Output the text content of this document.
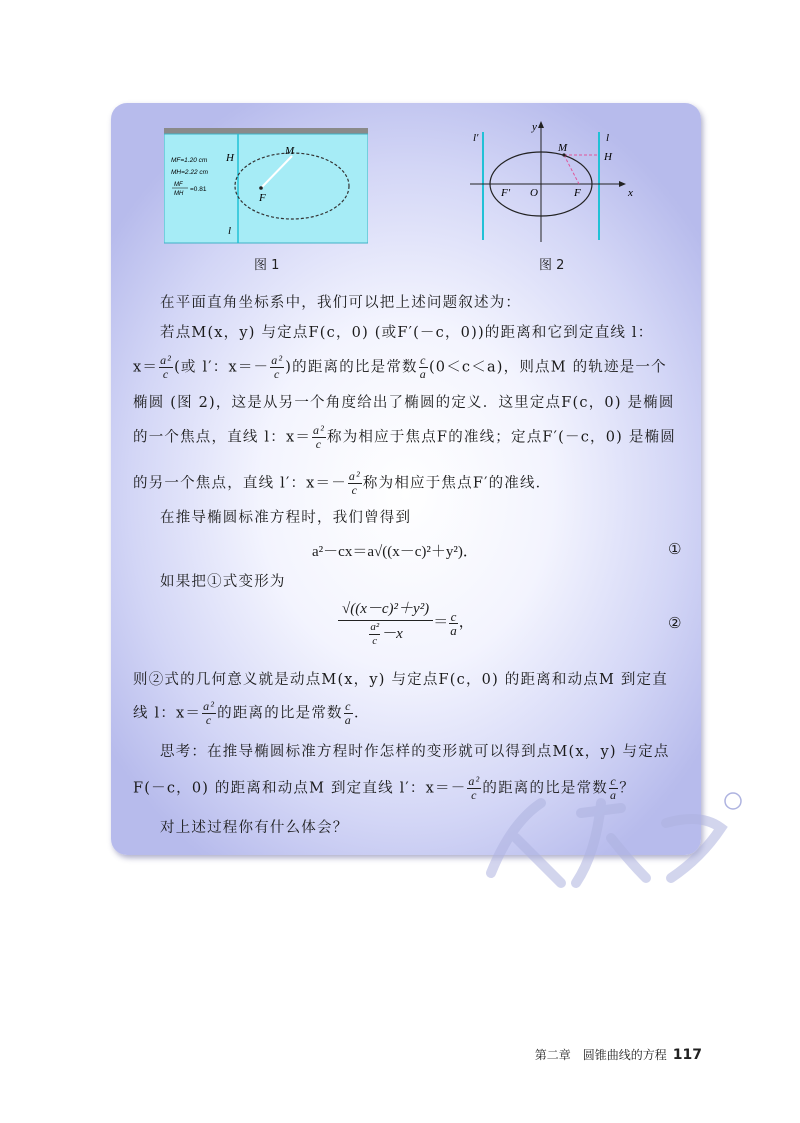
MF=1.20 cm
MH=2.22 cm
MF
MH
=0.81
H
M
F
l
图 1
l′
y
l
M
H
F′ O	F	x
图 2
在平面直角坐标系中，我们可以把上述问题叙述为：
若点M(x，y) 与定点F(c，0) (或F′(－c，0))的距离和它到定直线 l：
$x= \frac{\text{a²}}{c}$ (或 l′：$x=- \frac{\text{a²}}{c}$ )的距离的比是常数 $\frac{c}{a} (0<c<a)$，则点M 的轨迹是一个
椭圆 (图 2)，这是从另一个角度给出了椭圆的定义．这里定点F(c，0) 是椭圆
的一个焦点，直线 l：$x= \frac{\text{a²}}{c}$ 称为相应于焦点F的准线；定点F′(－c，0) 是椭圆
的另一个焦点，直线 l′：$x=- \frac{\text{a²}}{c}$ 称为相应于焦点F′的准线．
在推导椭圆标准方程时，我们曾得到
a²－cx＝a√((x－c)²＋y²)．	①
如果把①式变形为
$\frac{\text{√((x－c)²＋y²)}}{\frac{\text{a²}}{c} -x} = \frac{c}{a}$ ，	②
则②式的几何意义就是动点M(x，y) 与定点F(c，0) 的距离和动点M 到定直
线 l：$x= \frac{\text{a²}}{c}$ 的距离的比是常数 $\frac{c}{a}$ ．
思考：在推导椭圆标准方程时作怎样的变形就可以得到点M(x，y) 与定点
F(－c，0) 的距离和动点M 到定直线 l′：$x=- \frac{\text{a²}}{c}$ 的距离的比是常数 $\frac{c}{a}$ ？
对上述过程你有什么体会？
第二章　圆锥曲线的方程 117
